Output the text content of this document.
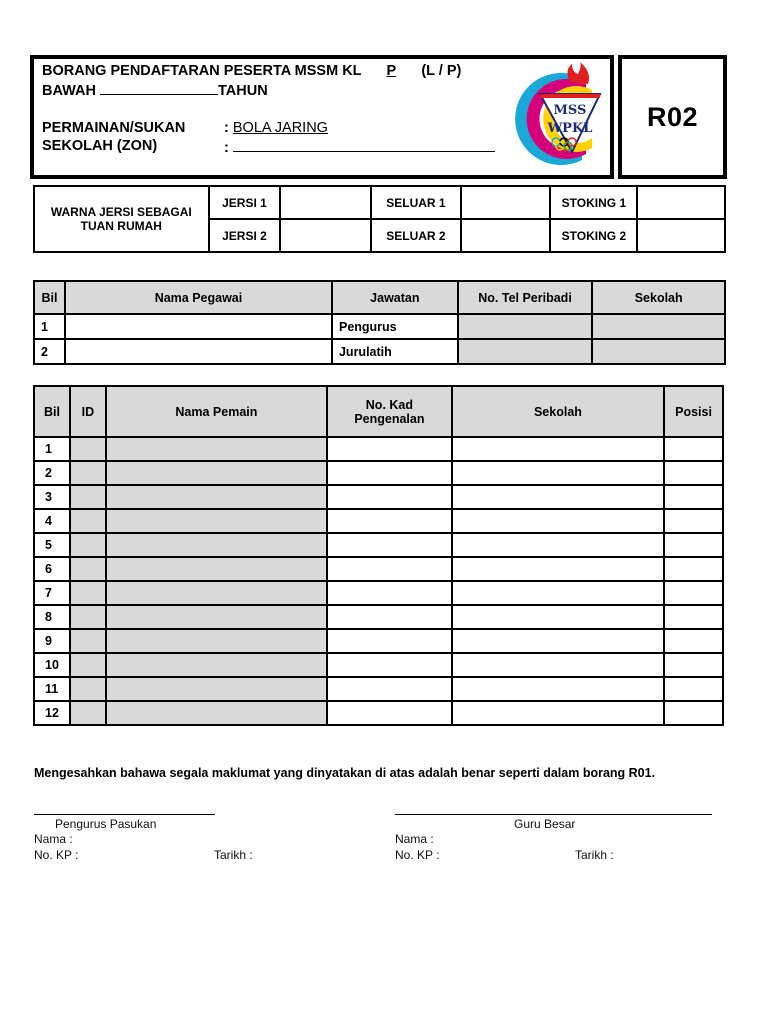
BORANG PENDAFTARAN PESERTA MSSM KL P (L / P)
BAWAH	TAHUN
PERMAINAN/SUKAN	: BOLA JARING
SEKOLAH (ZON)	:
MSS
WPKL R02
WARNA JERSI SEBAGAI TUAN RUMAH	JERSI 1		SELUAR 1		STOKING 1	
	JERSI 2		SELUAR 2		STOKING 2	
Bil	Nama Pegawai	Jawatan	No. Tel Peribadi	Sekolah
1		Pengurus		
2		Jurulatih		
Bil	ID	Nama Pemain	No. Kad Pengenalan	Sekolah	Posisi
1					
2					
3					
4					
5					
6					
7					
8					
9					
10					
11					
12					
Mengesahkan bahawa segala maklumat yang dinyatakan di atas adalah benar seperti dalam borang R01.
Pengurus Pasukan
Nama :
No. KP :	Tarikh :
Guru Besar
Nama :
No. KP :	Tarikh :
